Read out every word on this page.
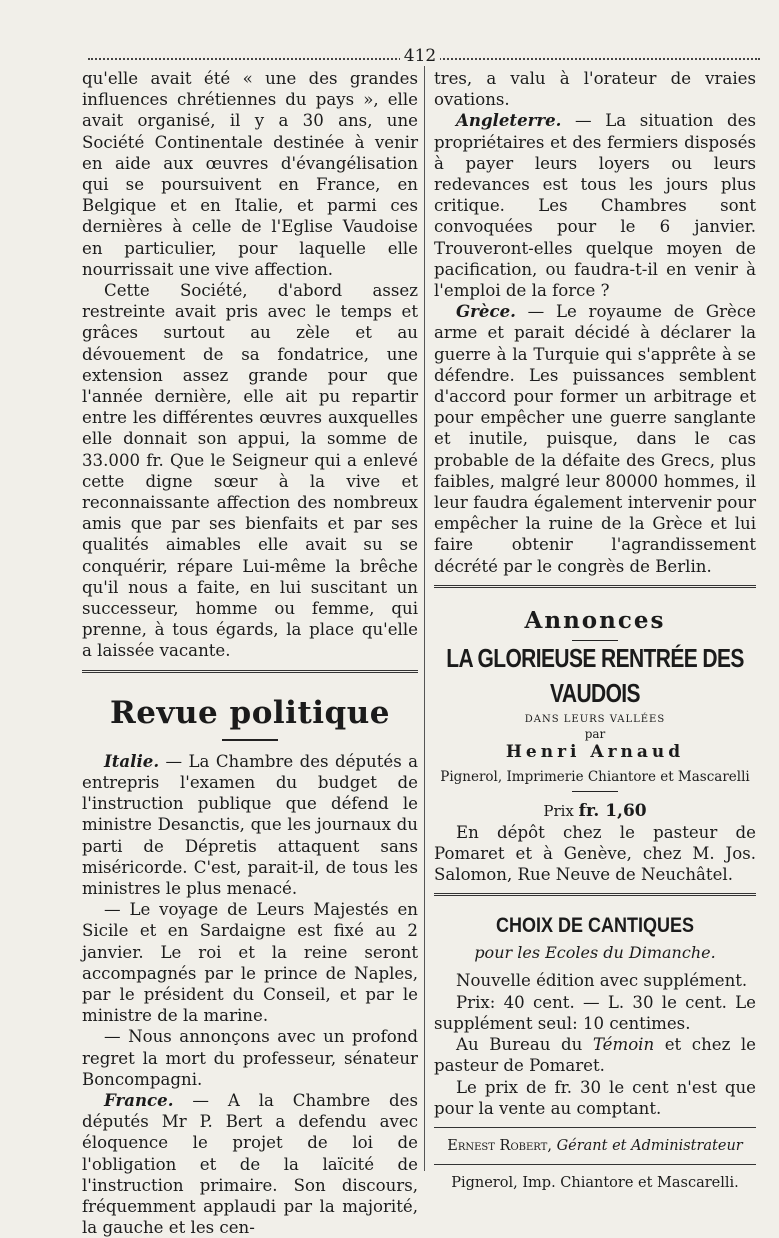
412

qu'elle avait été « une des grandes influences chrétiennes du pays », elle avait organisé, il y a 30 ans, une Société Continentale destinée à venir en aide aux œuvres d'évangélisation qui se poursuivent en France, en Belgique et en Italie, et parmi ces dernières à celle de l'Eglise Vaudoise en particulier, pour laquelle elle nourrissait une vive affection.

Cette Société, d'abord assez restreinte avait pris avec le temps et grâces surtout au zèle et au dévouement de sa fondatrice, une extension assez grande pour que l'année dernière, elle ait pu repartir entre les différentes œuvres auxquelles elle donnait son appui, la somme de 33.000 fr. Que le Seigneur qui a enlevé cette digne sœur à la vive et reconnaissante affection des nombreux amis que par ses bienfaits et par ses qualités aimables elle avait su se conquérir, répare Lui-même la brêche qu'il nous a faite, en lui suscitant un successeur, homme ou femme, qui prenne, à tous égards, la place qu'elle a laissée vacante.

Revue politique

Italie. — La Chambre des députés a entrepris l'examen du budget de l'instruction publique que défend le ministre Desanctis, que les journaux du parti de Dépretis attaquent sans miséricorde. C'est, parait-il, de tous les ministres le plus menacé.

— Le voyage de Leurs Majestés en Sicile et en Sardaigne est fixé au 2 janvier. Le roi et la reine seront accompagnés par le prince de Naples, par le président du Conseil, et par le ministre de la marine.

— Nous annonçons avec un profond regret la mort du professeur, sénateur Boncompagni.

France. — A la Chambre des députés Mr P. Bert a defendu avec éloquence le projet de loi de l'obligation et de la laïcité de l'instruction primaire. Son discours, fréquemment applaudi par la majorité, la gauche et les cen-

tres, a valu à l'orateur de vraies ovations.

Angleterre. — La situation des propriétaires et des fermiers disposés à payer leurs loyers ou leurs redevances est tous les jours plus critique. Les Chambres sont convoquées pour le 6 janvier. Trouveront-elles quelque moyen de pacification, ou faudra-t-il en venir à l'emploi de la force ?

Grèce. — Le royaume de Grèce arme et parait décidé à déclarer la guerre à la Turquie qui s'apprête à se défendre. Les puissances semblent d'accord pour former un arbitrage et pour empêcher une guerre sanglante et inutile, puisque, dans le cas probable de la défaite des Grecs, plus faibles, malgré leur 80000 hommes, il leur faudra également intervenir pour empêcher la ruine de la Grèce et lui faire obtenir l'agrandissement décrété par le congrès de Berlin.

Annonces
LA GLORIEUSE RENTRÉE DES VAUDOIS
DANS LEURS VALLÉES
par
Henri Arnaud
Pignerol, Imprimerie Chiantore et Mascarelli
Prix fr. 1,60

En dépôt chez le pasteur de Pomaret et à Genève, chez M. Jos. Salomon, Rue Neuve de Neuchâtel.

CHOIX DE CANTIQUES
pour les Ecoles du Dimanche.

Nouvelle édition avec supplément.

Prix: 40 cent. — L. 30 le cent. Le supplément seul: 10 centimes.

Au Bureau du Témoin et chez le pasteur de Pomaret.

Le prix de fr. 30 le cent n'est que pour la vente au comptant.

Ernest Robert, Gérant et Administrateur
Pignerol, Imp. Chiantore et Mascarelli.
